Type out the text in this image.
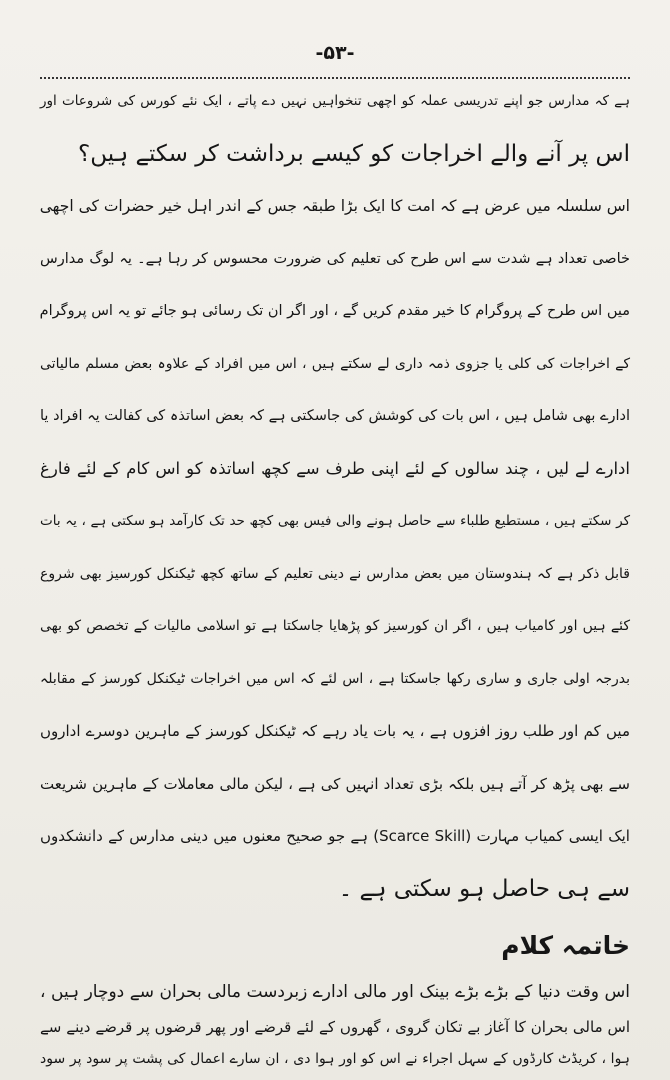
-۵۳-
ہے کہ مدارس جو اپنے تدریسی عملہ کو اچھی تنخواہیں نہیں دے پاتے ، ایک نئے کورس کی شروعات اور
اس پر آنے والے اخراجات کو کیسے برداشت کر سکتے ہیں؟
اس سلسلہ میں عرض ہے کہ امت کا ایک بڑا طبقہ جس کے اندر اہل خیر حضرات کی اچھی
خاصی تعداد ہے شدت سے اس طرح کی تعلیم کی ضرورت محسوس کر رہا ہے۔ یہ لوگ مدارس
میں اس طرح کے پروگرام کا خیر مقدم کریں گے ، اور اگر ان تک رسائی ہو جائے تو یہ اس پروگرام
کے اخراجات کی کلی یا جزوی ذمہ داری لے سکتے ہیں ، اس میں افراد کے علاوہ بعض مسلم مالیاتی
ادارے بھی شامل ہیں ، اس بات کی کوشش کی جاسکتی ہے کہ بعض اساتذہ کی کفالت یہ افراد یا
ادارے لے لیں ، چند سالوں کے لئے اپنی طرف سے کچھ اساتذہ کو اس کام کے لئے فارغ
کر سکتے ہیں ، مستطیع طلباء سے حاصل ہونے والی فیس بھی کچھ حد تک کارآمد ہو سکتی ہے ، یہ بات
قابل ذکر ہے کہ ہندوستان میں بعض مدارس نے دینی تعلیم کے ساتھ کچھ ٹیکنکل کورسیز بھی شروع
کئے ہیں اور کامیاب ہیں ، اگر ان کورسیز کو پڑھایا جاسکتا ہے تو اسلامی مالیات کے تخصص کو بھی
بدرجہ اولی جاری و ساری رکھا جاسکتا ہے ، اس لئے کہ اس میں اخراجات ٹیکنکل کورسز کے مقابلہ
میں کم اور طلب روز افزوں ہے ، یہ بات یاد رہے کہ ٹیکنکل کورسز کے ماہرین دوسرے اداروں
سے بھی پڑھ کر آتے ہیں بلکہ بڑی تعداد انہیں کی ہے ، لیکن مالی معاملات کے ماہرین شریعت
ایک ایسی کمیاب مہارت (Scarce Skill) ہے جو صحیح معنوں میں دینی مدارس کے دانشکدوں
سے ہی حاصل ہو سکتی ہے ۔
خاتمہ کلام
اس وقت دنیا کے بڑے بڑے بینک اور مالی ادارے زبردست مالی بحران سے دوچار ہیں ،
اس مالی بحران کا آغاز بے تکان گروی ، گھروں کے لئے قرضے اور پھر قرضوں پر قرضے دینے سے
ہوا ، کریڈٹ کارڈوں کے سہل اجراء نے اس کو اور ہوا دی ، ان سارے اعمال کی پشت پر سود پر سود
